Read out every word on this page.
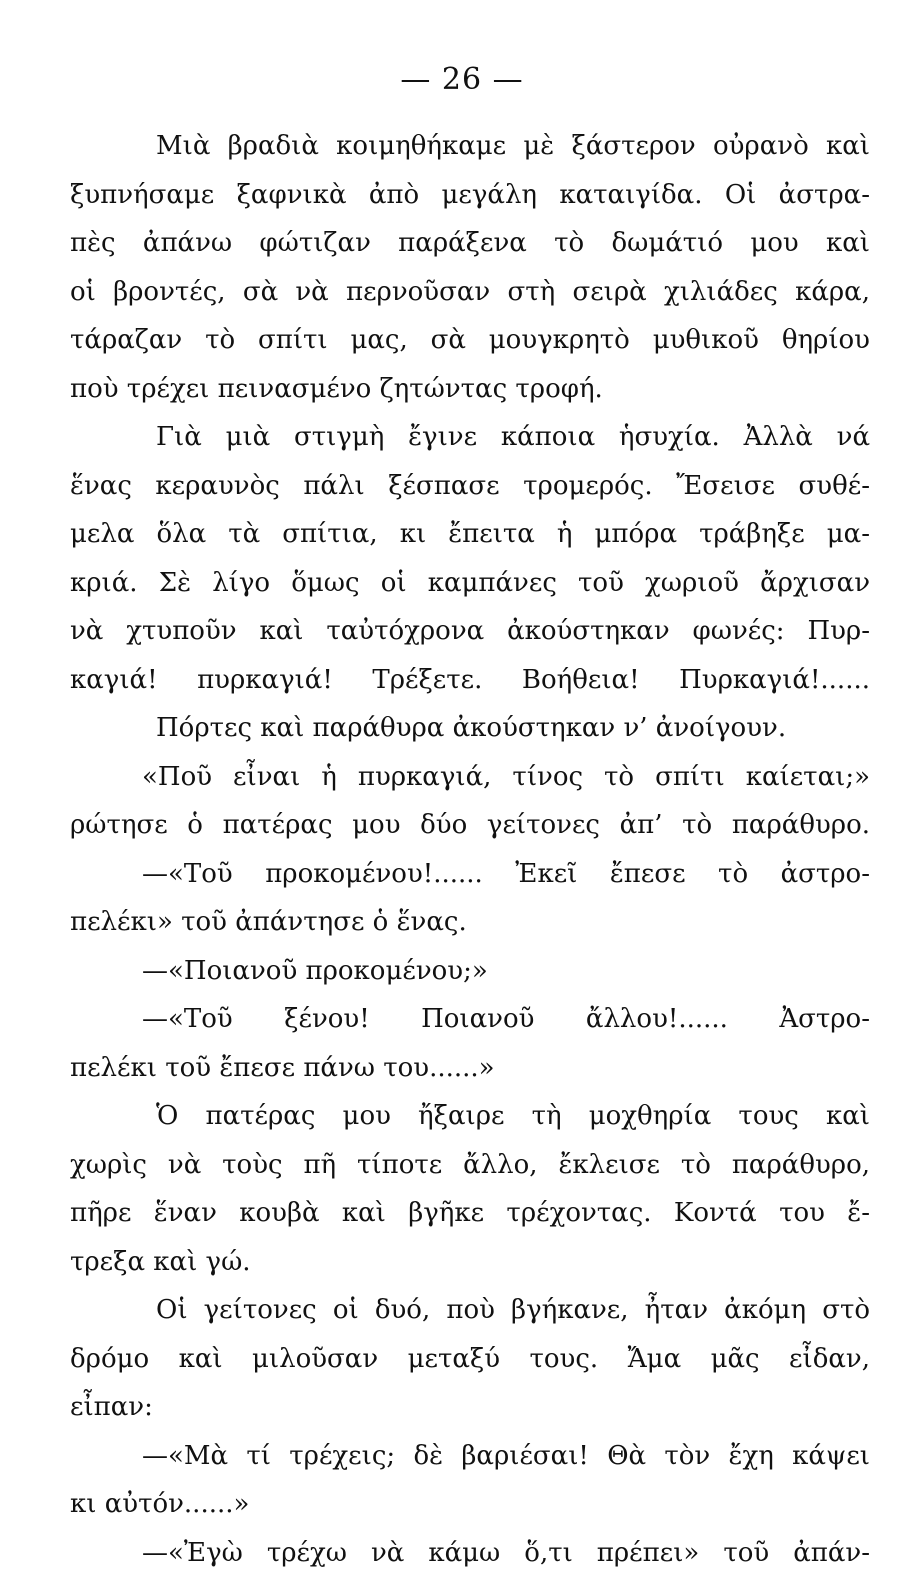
— 26 —
Μιὰ βραδιὰ κοιμηθήκαμε μὲ ξάστερον οὐρανὸ καὶ
ξυπνήσαμε ξαφνικὰ ἀπὸ μεγάλη καταιγίδα. Οἱ ἀστρα-
πὲς ἀπάνω φώτιζαν παράξενα τὸ δωμάτιό μου καὶ
οἱ βροντές, σὰ νὰ περνοῦσαν στὴ σειρὰ χιλιάδες κάρα,
τάραζαν τὸ σπίτι μας, σὰ μουγκρητὸ μυθικοῦ θηρίου
ποὺ τρέχει πεινασμένο ζητώντας τροφή.
Γιὰ μιὰ στιγμὴ ἔγινε κάποια ἡσυχία. Ἀλλὰ νά
ἕνας κεραυνὸς πάλι ξέσπασε τρομερός. Ἔσεισε συθέ-
μελα ὅλα τὰ σπίτια, κι ἔπειτα ἡ μπόρα τράβηξε μα-
κριά. Σὲ λίγο ὅμως οἱ καμπάνες τοῦ χωριοῦ ἄρχισαν
νὰ χτυποῦν καὶ ταὐτόχρονα ἀκούστηκαν φωνές: Πυρ-
καγιά! πυρκαγιά! Τρέξετε. Βοήθεια! Πυρκαγιά!......
Πόρτες καὶ παράθυρα ἀκούστηκαν ν’ ἀνοίγουν.
«Ποῦ εἶναι ἡ πυρκαγιά, τίνος τὸ σπίτι καίεται;»
ρώτησε ὁ πατέρας μου δύο γείτονες ἀπ’ τὸ παράθυρο.
—«Τοῦ προκομένου!...... Ἐκεῖ ἔπεσε τὸ ἀστρο-
πελέκι» τοῦ ἀπάντησε ὁ ἕνας.
—«Ποιανοῦ προκομένου;»
—«Τοῦ ξένου! Ποιανοῦ ἄλλου!...... Ἀστρο-
πελέκι τοῦ ἔπεσε πάνω του......»
Ὁ πατέρας μου ἤξαιρε τὴ μοχθηρία τους καὶ
χωρὶς νὰ τοὺς πῆ τίποτε ἄλλο, ἔκλεισε τὸ παράθυρο,
πῆρε ἕναν κουβὰ καὶ βγῆκε τρέχοντας. Κοντά του ἔ-
τρεξα καὶ γώ.
Οἱ γείτονες οἱ δυό, ποὺ βγήκανε, ἦταν ἀκόμη στὸ
δρόμο καὶ μιλοῦσαν μεταξύ τους. Ἄμα μᾶς εἶδαν,
εἶπαν:
—«Μὰ τί τρέχεις; δὲ βαριέσαι! Θὰ τὸν ἔχη κάψει
κι αὐτόν......»
—«Ἐγὼ τρέχω νὰ κάμω ὅ,τι πρέπει» τοῦ ἀπάν-
